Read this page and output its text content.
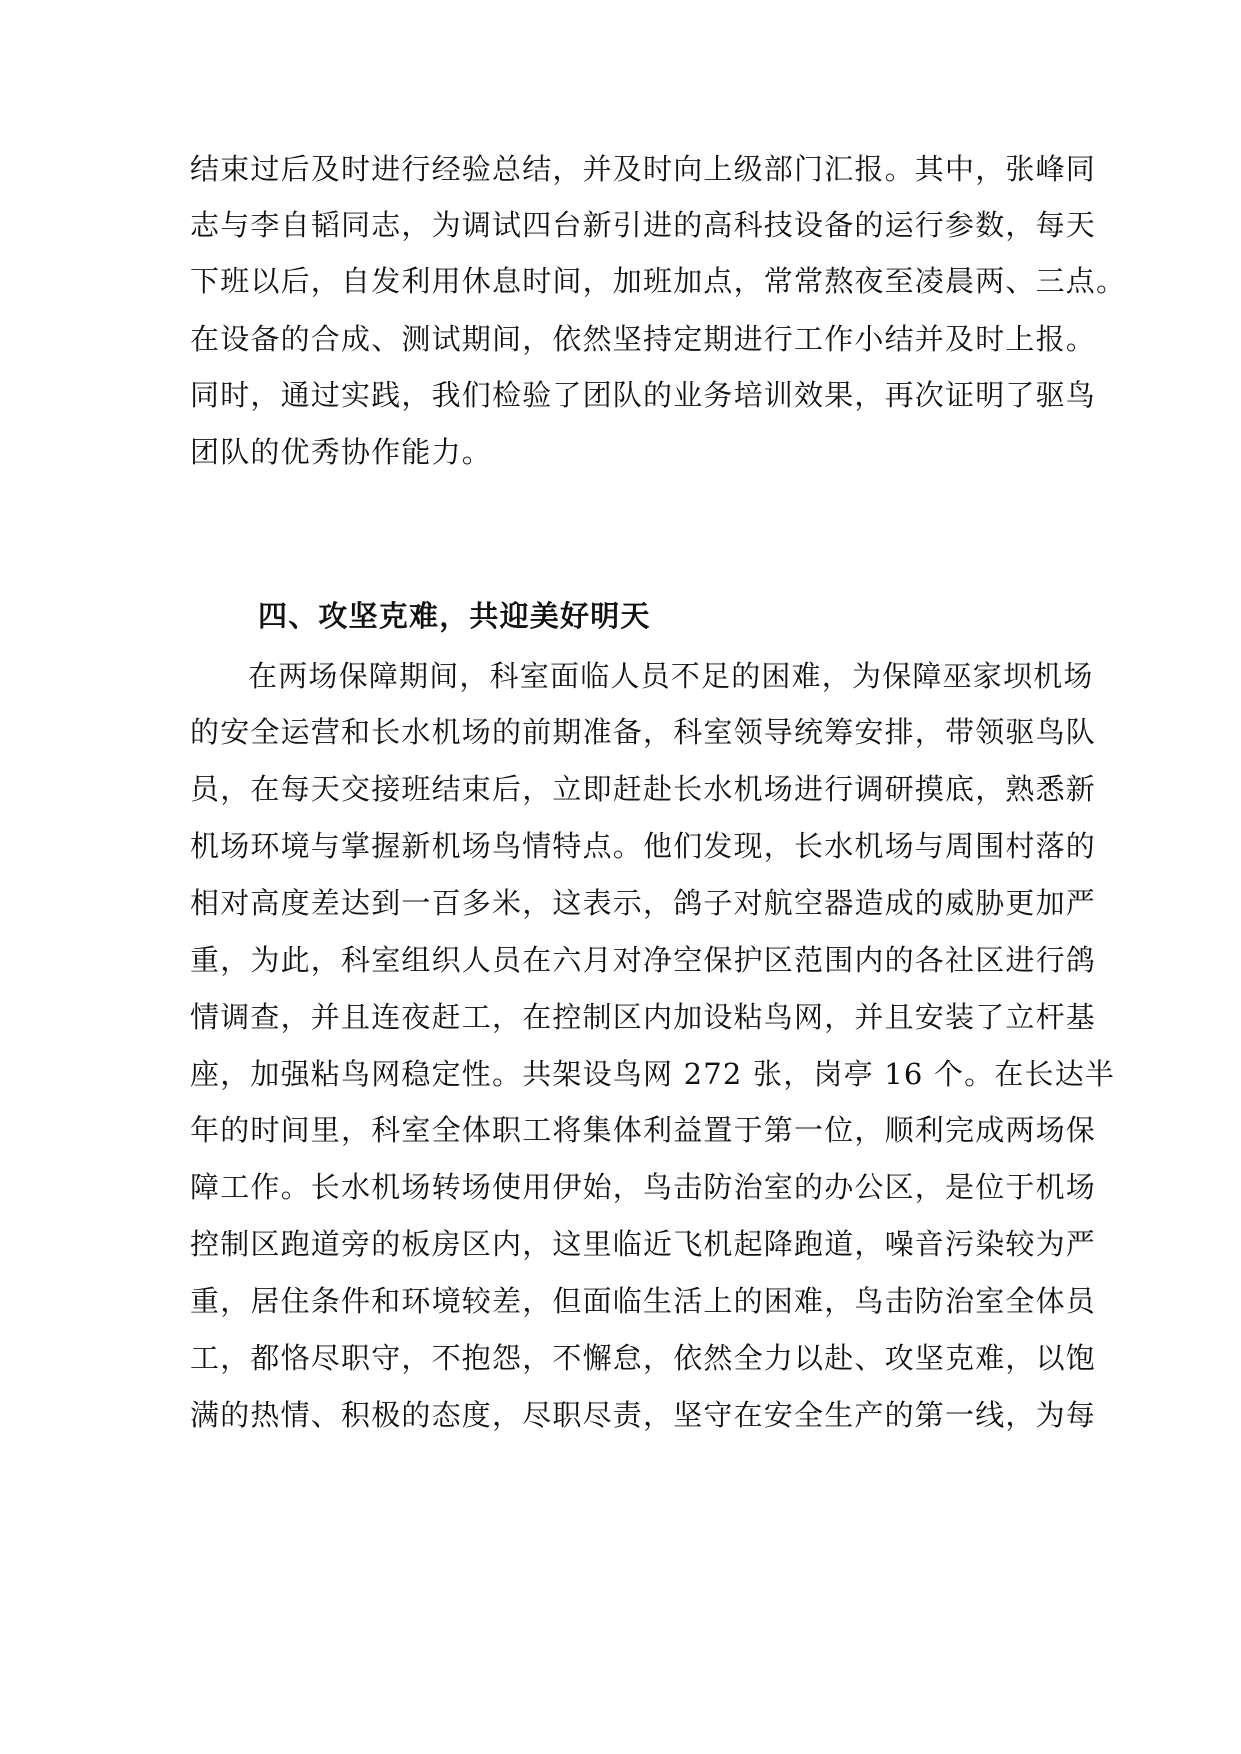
结束过后及时进行经验总结，并及时向上级部门汇报。其中，张峰同
志与李自韬同志，为调试四台新引进的高科技设备的运行参数，每天
下班以后，自发利用休息时间，加班加点，常常熬夜至凌晨两、三点。
在设备的合成、测试期间，依然坚持定期进行工作小结并及时上报。
同时，通过实践，我们检验了团队的业务培训效果，再次证明了驱鸟
团队的优秀协作能力。
四、攻坚克难，共迎美好明天
在两场保障期间，科室面临人员不足的困难，为保障巫家坝机场
的安全运营和长水机场的前期准备，科室领导统筹安排，带领驱鸟队
员，在每天交接班结束后，立即赶赴长水机场进行调研摸底，熟悉新
机场环境与掌握新机场鸟情特点。他们发现，长水机场与周围村落的
相对高度差达到一百多米，这表示，鸽子对航空器造成的威胁更加严
重，为此，科室组织人员在六月对净空保护区范围内的各社区进行鸽
情调查，并且连夜赶工，在控制区内加设粘鸟网，并且安装了立杆基
座，加强粘鸟网稳定性。共架设鸟网 272 张，岗亭 16 个。在长达半
年的时间里，科室全体职工将集体利益置于第一位，顺利完成两场保
障工作。长水机场转场使用伊始，鸟击防治室的办公区，是位于机场
控制区跑道旁的板房区内，这里临近飞机起降跑道，噪音污染较为严
重，居住条件和环境较差，但面临生活上的困难，鸟击防治室全体员
工，都恪尽职守，不抱怨，不懈怠，依然全力以赴、攻坚克难，以饱
满的热情、积极的态度，尽职尽责，坚守在安全生产的第一线，为每
